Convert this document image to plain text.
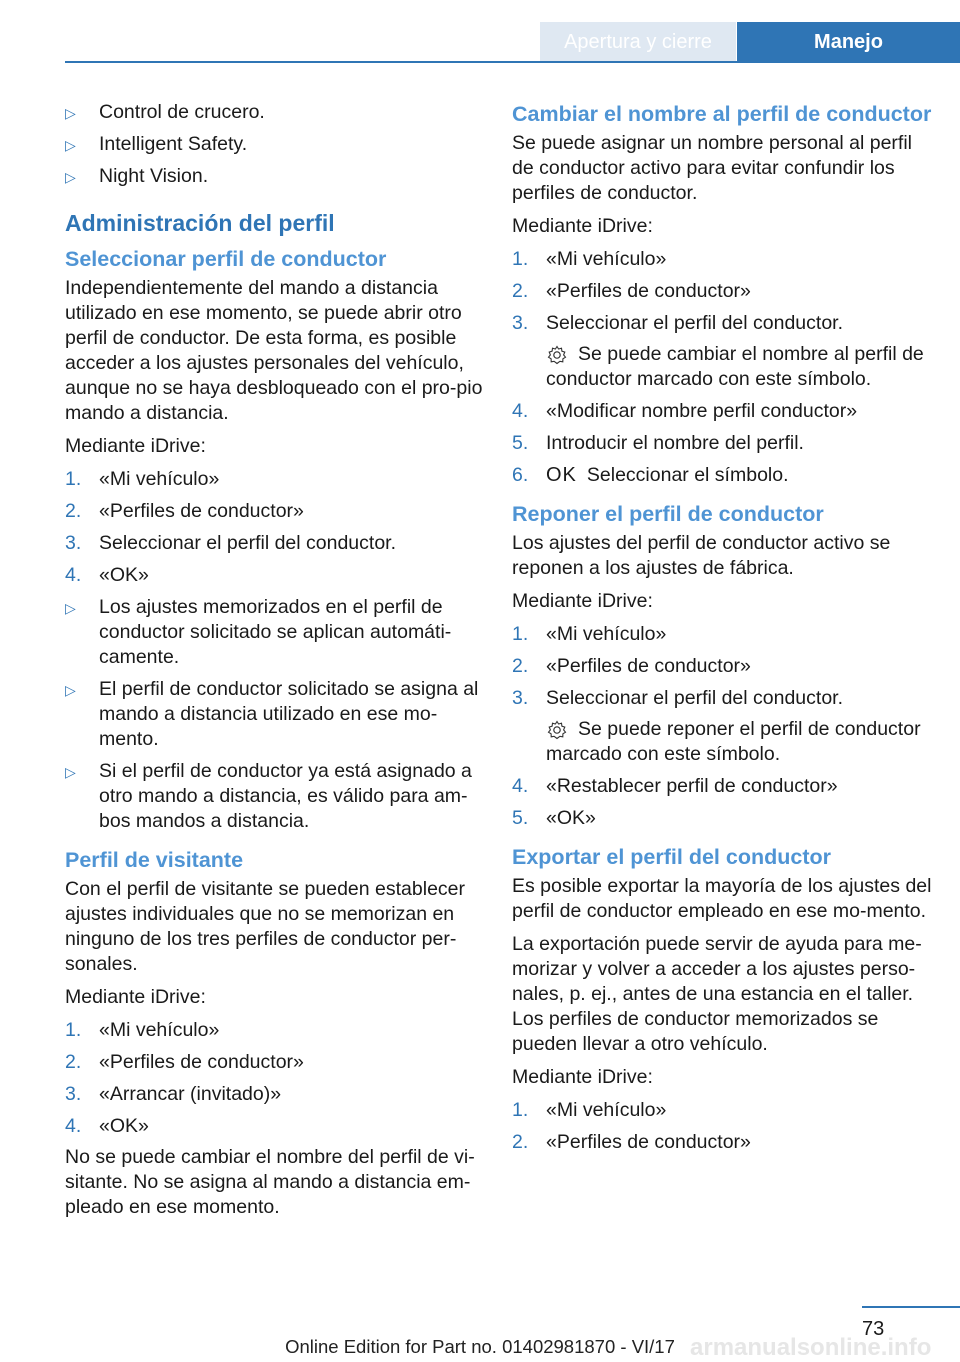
Apertura y cierre	Manejo
▷ Control de crucero.
▷ Intelligent Safety.
▷ Night Vision.
Administración del perfil
Seleccionar perfil de conductor

Independientemente del mando a distancia utilizado en ese momento, se puede abrir otro perfil de conductor. De esta forma, es posible acceder a los ajustes personales del vehículo, aunque no se haya desbloqueado con el pro-pio mando a distancia.

Mediante iDrive:

1. «Mi vehículo»
2. «Perfiles de conductor»
3. Seleccionar el perfil del conductor.
4. «OK»
▷ Los ajustes memorizados en el perfil de conductor solicitado se aplican automáti-camente.
▷ El perfil de conductor solicitado se asigna al mando a distancia utilizado en ese mo-mento.
▷ Si el perfil de conductor ya está asignado a otro mando a distancia, es válido para am-bos mandos a distancia.
Perfil de visitante

Con el perfil de visitante se pueden establecer ajustes individuales que no se memorizan en ninguno de los tres perfiles de conductor per-sonales.

Mediante iDrive:

1. «Mi vehículo»
2. «Perfiles de conductor»
3. «Arrancar (invitado)»
4. «OK»

No se puede cambiar el nombre del perfil de vi-sitante. No se asigna al mando a distancia em-pleado en ese momento.

Cambiar el nombre al perfil de conductor

Se puede asignar un nombre personal al perfil de conductor activo para evitar confundir los perfiles de conductor.

Mediante iDrive:

1. «Mi vehículo»
2. «Perfiles de conductor»
3. Seleccionar el perfil del conductor.
Se puede cambiar el nombre al perfil de conductor marcado con este símbolo.
4. «Modificar nombre perfil conductor»
5. Introducir el nombre del perfil.
6. OK Seleccionar el símbolo.
Reponer el perfil de conductor

Los ajustes del perfil de conductor activo se reponen a los ajustes de fábrica.

Mediante iDrive:

1. «Mi vehículo»
2. «Perfiles de conductor»
3. Seleccionar el perfil del conductor.
Se puede reponer el perfil de conductor marcado con este símbolo.
4. «Restablecer perfil de conductor»
5. «OK»
Exportar el perfil del conductor

Es posible exportar la mayoría de los ajustes del perfil de conductor empleado en ese mo-mento.

La exportación puede servir de ayuda para me-morizar y volver a acceder a los ajustes perso-nales, p. ej., antes de una estancia en el taller. Los perfiles de conductor memorizados se pueden llevar a otro vehículo.

Mediante iDrive:

1. «Mi vehículo»
2. «Perfiles de conductor»
73
armanualsonline.info
Online Edition for Part no. 01402981870 - VI/17
